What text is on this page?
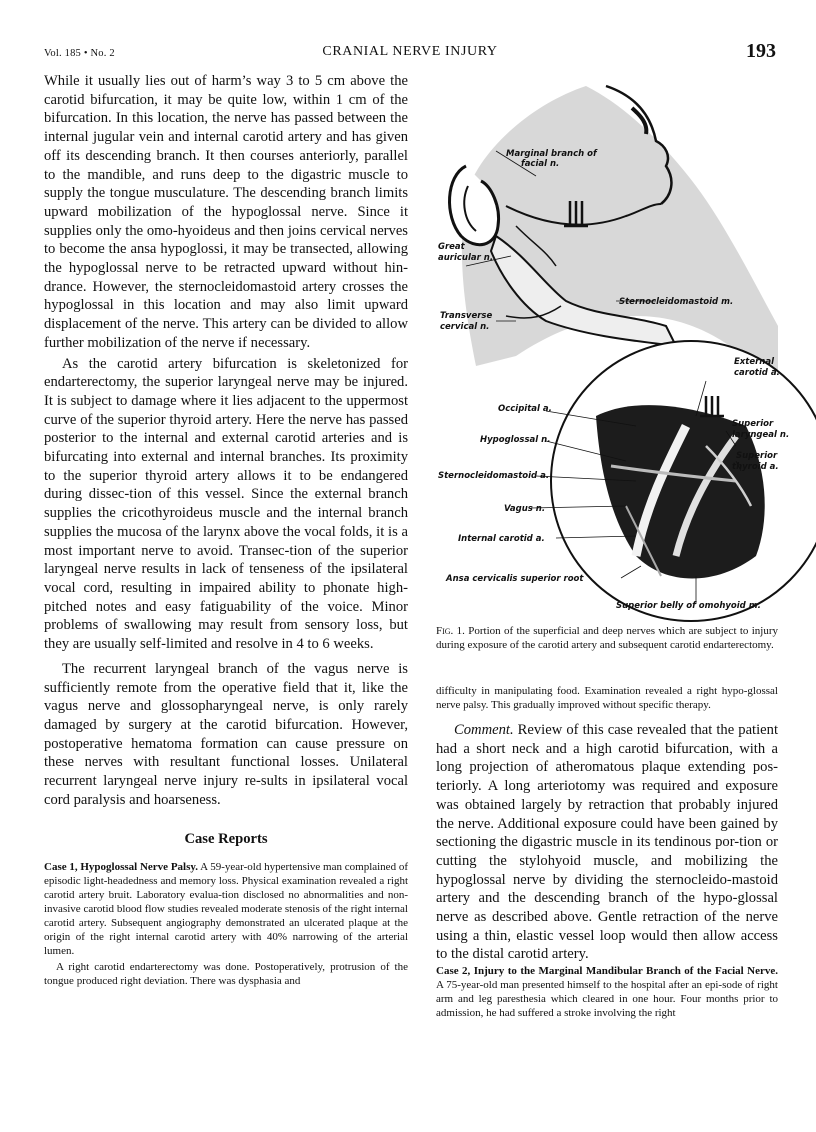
Vol. 185 • No. 2	CRANIAL NERVE INJURY	193

While it usually lies out of harm’s way 3 to 5 cm above the carotid bifurcation, it may be quite low, within 1 cm of the bifurcation. In this location, the nerve has passed between the internal jugular vein and internal carotid artery and has given off its descending branch. It then courses anteriorly, parallel to the mandible, and runs deep to the digastric muscle to supply the tongue musculature. The descending branch limits upward mobilization of the hypoglossal nerve. Since it supplies only the omo-hyoideus and then joins cervical nerves to become the ansa hypoglossi, it may be transected, allowing the hypoglossal nerve to be retracted upward without hin-drance. However, the sternocleidomastoid artery crosses the hypoglossal in this location and may also limit upward displacement of the nerve. This artery can be divided to allow further mobilization of the nerve if necessary.

As the carotid artery bifurcation is skeletonized for endarterectomy, the superior laryngeal nerve may be injured. It is subject to damage where it lies adjacent to the uppermost curve of the superior thyroid artery. Here the nerve has passed posterior to the internal and external carotid arteries and is bifurcating into external and internal branches. Its proximity to the superior thyroid artery allows it to be endangered during dissec-tion of this vessel. Since the external branch supplies the cricothyroideus muscle and the internal branch supplies the mucosa of the larynx above the vocal folds, it is a most important nerve to avoid. Transec-tion of the superior laryngeal nerve results in lack of tenseness of the ipsilateral vocal cord, resulting in impaired ability to phonate high-pitched notes and easy fatiguability of the voice. Minor problems of swallowing may result from sensory loss, but they are usually self-limited and resolve in 4 to 6 weeks.

The recurrent laryngeal branch of the vagus nerve is sufficiently remote from the operative field that it, like the vagus nerve and glossopharyngeal nerve, is only rarely damaged by surgery at the carotid bifurcation. However, postoperative hematoma formation can cause pressure on these nerves with resultant functional losses. Unilateral recurrent laryngeal nerve injury re-sults in ipsilateral vocal cord paralysis and hoarseness.

Case Reports

Case 1, Hypoglossal Nerve Palsy. A 59-year-old hypertensive man complained of episodic light-headedness and memory loss. Physical examination revealed a right carotid artery bruit. Laboratory evalua-tion disclosed no abnormalities and non-invasive carotid blood flow studies revealed moderate stenosis of the right internal carotid artery. Subsequent angiography demonstrated an ulcerated plaque at the origin of the right internal carotid artery with 40% narrowing of the arterial lumen.

A right carotid endarterectomy was done. Postoperatively, protrusion of the tongue produced right deviation. There was dysphasia and

Marginal branch of
facial n.
Great
auricular n.
Sternocleidomastoid m.
Transverse
cervical n.
External
carotid a.
Occipital a.
Superior
laryngeal n.
Hypoglossal n.
Superior
thyroid a.
Sternocleidomastoid a.
Vagus n.
Internal carotid a.
Ansa cervicalis superior root
Superior belly of omohyoid m.
Fig. 1. Portion of the superficial and deep nerves which are subject to injury during exposure of the carotid artery and subsequent carotid endarterectomy.

difficulty in manipulating food. Examination revealed a right hypo-glossal nerve palsy. This gradually improved without specific therapy.

Comment. Review of this case revealed that the patient had a short neck and a high carotid bifurcation, with a long projection of atheromatous plaque extending pos-teriorly. A long arteriotomy was required and exposure was obtained largely by retraction that probably injured the nerve. Additional exposure could have been gained by sectioning the digastric muscle in its tendinous por-tion or cutting the stylohyoid muscle, and mobilizing the hypoglossal nerve by dividing the sternocleido-mastoid artery and the descending branch of the hypo-glossal nerve as described above. Gentle retraction of the nerve using a thin, elastic vessel loop would then allow access to the distal carotid artery.

Case 2, Injury to the Marginal Mandibular Branch of the Facial Nerve. A 75-year-old man presented himself to the hospital after an epi-sode of right arm and leg paresthesia which cleared in one hour. Four months prior to admission, he had suffered a stroke involving the right
